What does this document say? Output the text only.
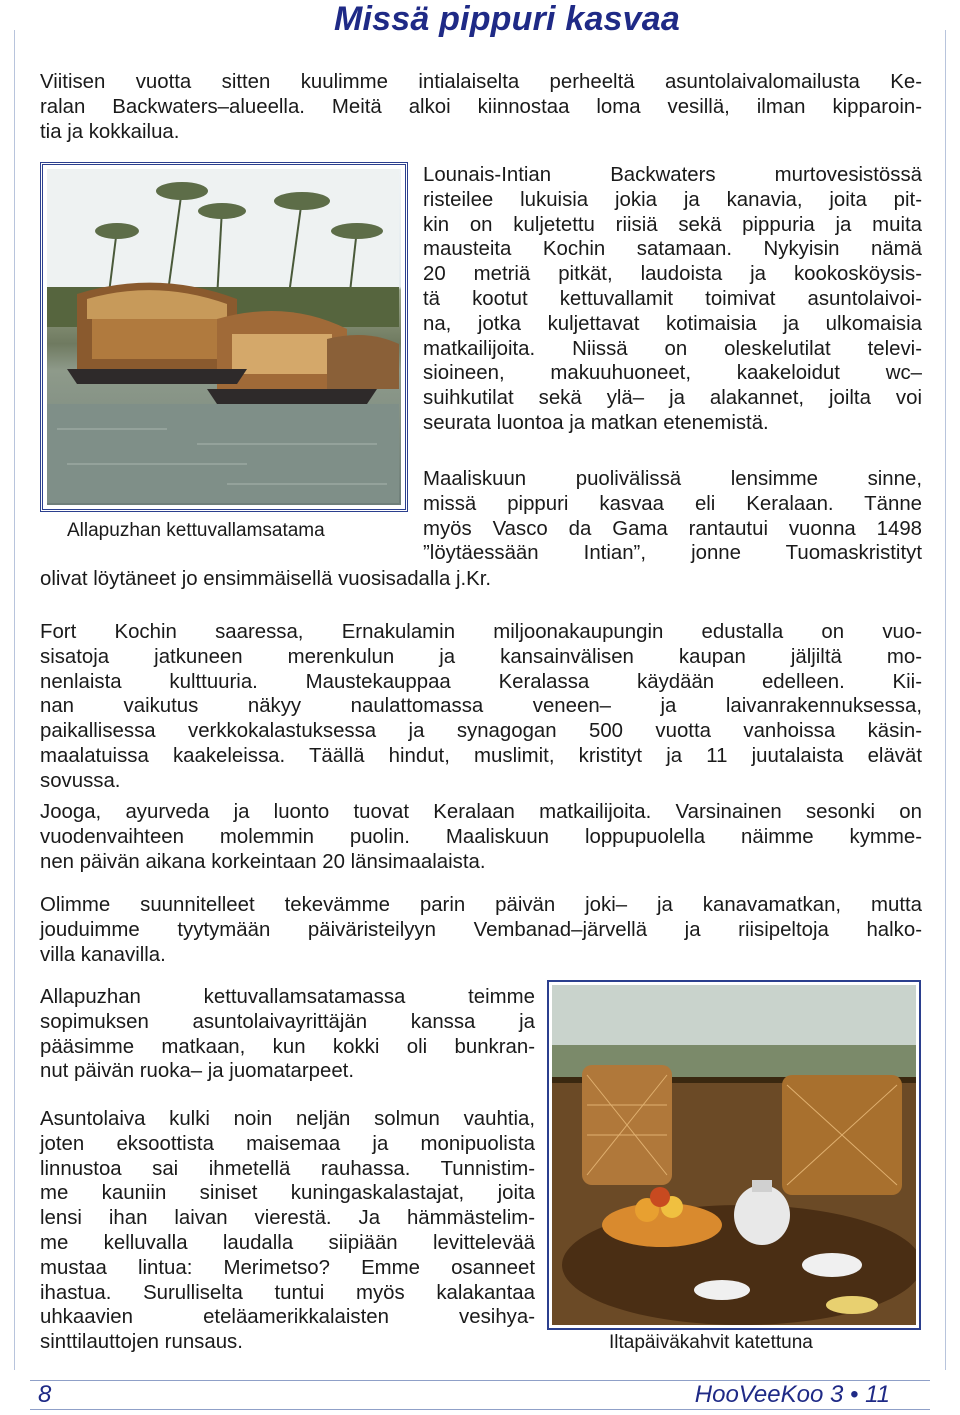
Missä pippuri kasvaa
Viitisen vuotta sitten kuulimme intialaiselta perheeltä asuntolaivalomailusta Ke-
ralan Backwaters–alueella. Meitä alkoi kiinnostaa loma vesillä, ilman kipparoin-
tia ja kokkailua.
Lounais-Intian Backwaters murtovesistössä
risteilee lukuisia jokia ja kanavia, joita pit-
kin on kuljetettu riisiä sekä pippuria ja muita
mausteita Kochin satamaan. Nykyisin nämä
20 metriä pitkät, laudoista ja kookosköysis-
tä kootut kettuvallamit toimivat asuntolaivoi-
na, jotka kuljettavat kotimaisia ja ulkomaisia
matkailijoita. Niissä on oleskelutilat televi-
sioineen, makuuhuoneet, kaakeloidut wc–
suihkutilat sekä ylä– ja alakannet, joilta voi
seurata luontoa ja matkan etenemistä.
Maaliskuun puolivälissä lensimme sinne,
missä pippuri kasvaa eli Keralaan. Tänne
myös Vasco da Gama rantautui vuonna 1498
”löytäessään Intian”, jonne Tuomaskristityt
Allapuzhan kettuvallamsatama
olivat löytäneet jo ensimmäisellä vuosisadalla j.Kr.
Fort Kochin saaressa, Ernakulamin miljoonakaupungin edustalla on vuo-
sisatoja jatkuneen merenkulun ja kansainvälisen kaupan jäljiltä mo-
nenlaista kulttuuria. Maustekauppaa Keralassa käydään edelleen. Kii-
nan vaikutus näkyy naulattomassa veneen– ja laivanrakennuksessa,
paikallisessa verkkokalastuksessa ja synagogan 500 vuotta vanhoissa käsin-
maalatuissa kaakeleissa. Täällä hindut, muslimit, kristityt ja 11 juutalaista elävät
sovussa.
Jooga, ayurveda ja luonto tuovat Keralaan matkailijoita. Varsinainen sesonki on
vuodenvaihteen molemmin puolin. Maaliskuun loppupuolella näimme kymme-
nen päivän aikana korkeintaan 20 länsimaalaista.
Olimme suunnitelleet tekevämme parin päivän joki– ja kanavamatkan, mutta
jouduimme tyytymään päiväristeilyyn Vembanad–järvellä ja riisipeltoja halko-
villa kanavilla.
Allapuzhan kettuvallamsatamassa teimme
sopimuksen asuntolaivayrittäjän kanssa ja
pääsimme matkaan, kun kokki oli bunkran-
nut päivän ruoka– ja juomatarpeet.
Asuntolaiva kulki noin neljän solmun vauhtia,
joten eksoottista maisemaa ja monipuolista
linnustoa sai ihmetellä rauhassa. Tunnistim-
me kauniin siniset kuningaskalastajat, joita
lensi ihan laivan vierestä. Ja hämmästelim-
me kelluvalla laudalla siipiään levittelevää
mustaa lintua: Merimetso? Emme osanneet
ihastua. Surulliselta tuntui myös kalakantaa
uhkaavien eteläamerikkalaisten vesihya-
sinttilauttojen runsaus.	Iltapäiväkahvit katettuna
8	HooVeeKoo 3 • 11
